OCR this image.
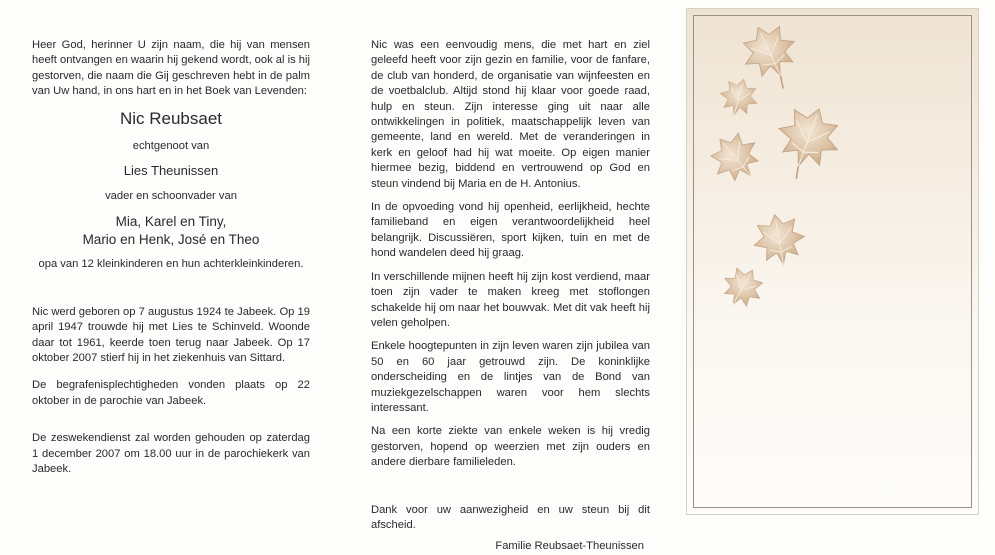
Heer God, herinner U zijn naam, die hij van mensen heeft ontvangen en waarin hij gekend wordt, ook al is hij gestorven, die naam die Gij geschreven hebt in de palm van Uw hand, in ons hart en in het Boek van Levenden:

Nic Reubsaet

echtgenoot van

Lies Theunissen

vader en schoonvader van

Mia, Karel en Tiny,

Mario en Henk, José en Theo

opa van 12 kleinkinderen en hun achterkleinkinderen.

Nic werd geboren op 7 augustus 1924 te Jabeek. Op 19 april 1947 trouwde hij met Lies te Schinveld. Woonde daar tot 1961, keerde toen terug naar Jabeek. Op 17 oktober 2007 stierf hij in het ziekenhuis van Sittard.

De begrafenisplechtigheden vonden plaats op 22 oktober in de parochie van Jabeek.

De zeswekendienst zal worden gehouden op zaterdag 1 december 2007 om 18.00 uur in de parochiekerk van Jabeek.

Nic was een eenvoudig mens, die met hart en ziel geleefd heeft voor zijn gezin en familie, voor de fanfare, de club van honderd, de organisatie van wijnfeesten en de voetbalclub. Altijd stond hij klaar voor goede raad, hulp en steun. Zijn interesse ging uit naar alle ontwikkelingen in politiek, maatschappelijk leven van gemeente, land en wereld. Met de veranderingen in kerk en geloof had hij wat moeite. Op eigen manier hiermee bezig, biddend en vertrouwend op God en steun vindend bij Maria en de H. Antonius.

In de opvoeding vond hij openheid, eerlijkheid, hechte familieband en eigen verantwoordelijkheid heel belangrijk. Discussiëren, sport kijken, tuin en met de hond wandelen deed hij graag.

In verschillende mijnen heeft hij zijn kost verdiend, maar toen zijn vader te maken kreeg met stoflongen schakelde hij om naar het bouwvak. Met dit vak heeft hij velen geholpen.

Enkele hoogtepunten in zijn leven waren zijn jubilea van 50 en 60 jaar getrouwd zijn. De koninklijke onderscheiding en de lintjes van de Bond van muziekgezelschappen waren voor hem slechts interessant.

Na een korte ziekte van enkele weken is hij vredig gestorven, hopend op weerzien met zijn ouders en andere dierbare familieleden.

Dank voor uw aanwezigheid en uw steun bij dit afscheid.

Familie Reubsaet-Theunissen
